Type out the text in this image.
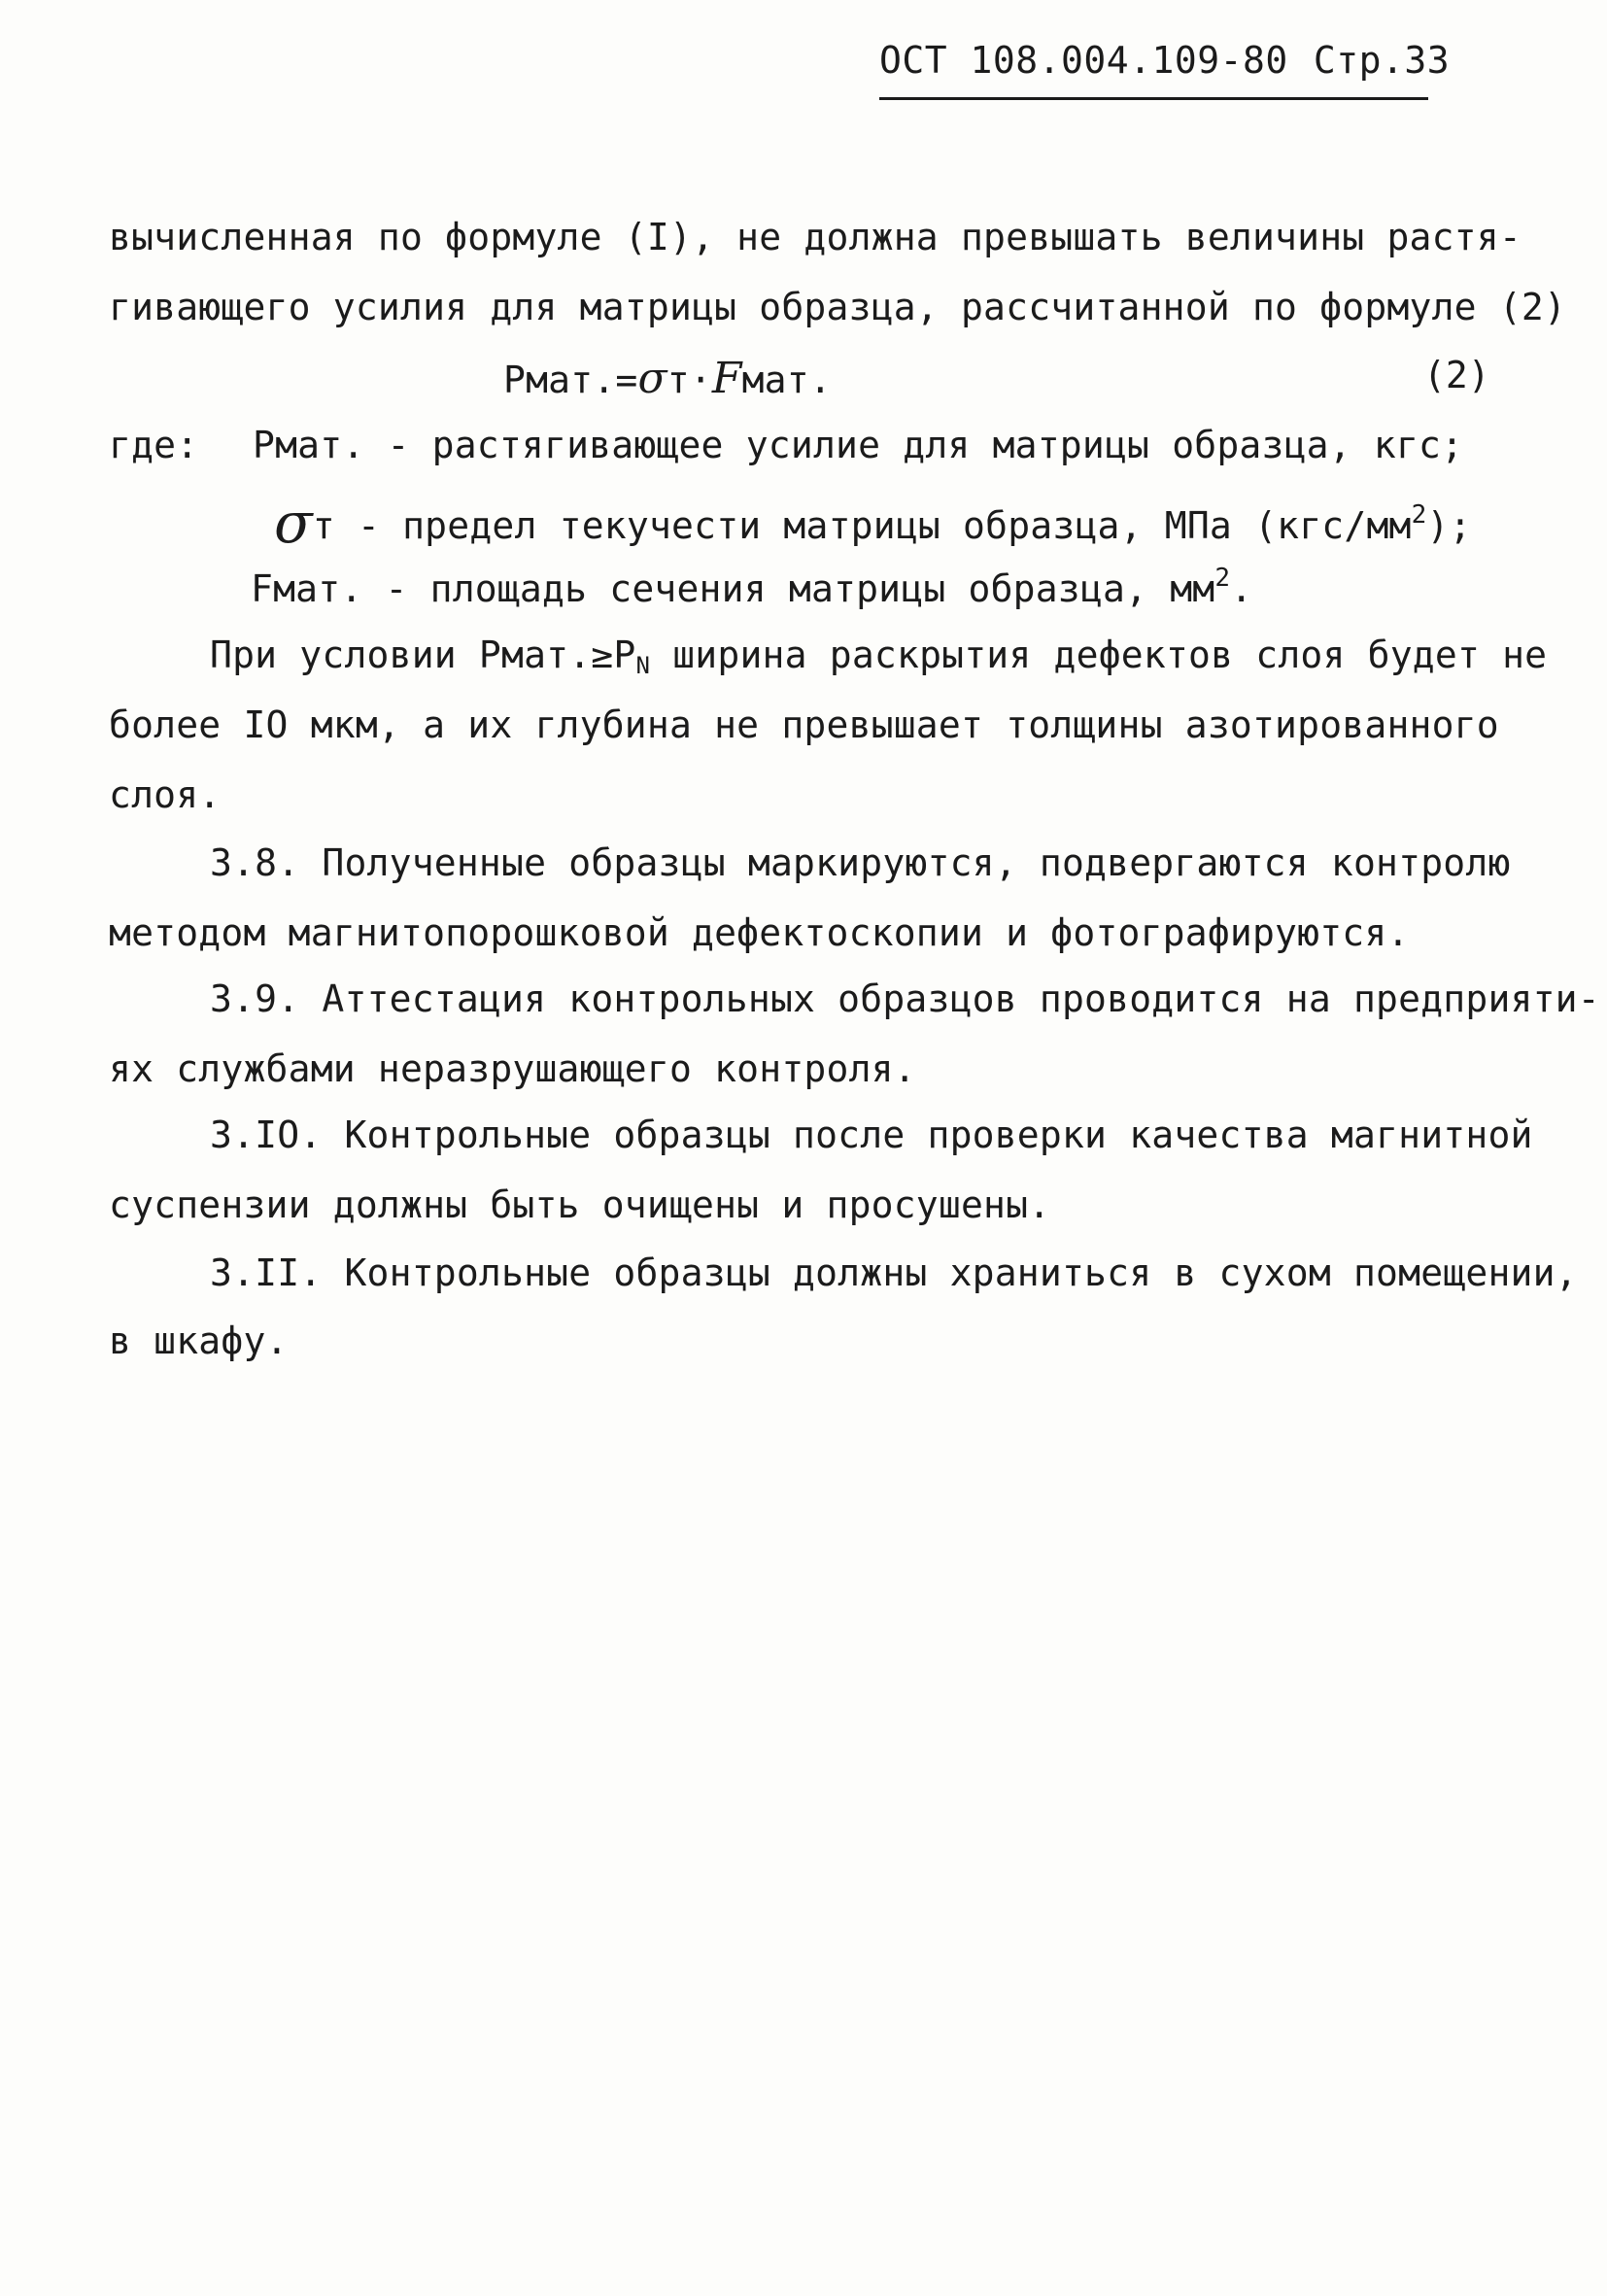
ОСТ 108.004.109-80 Стр.33
вычисленная по формуле (I), не должна превышать величины растя-
гивающего усилия для матрицы образца, рассчитанной по формуле (2)
Рмат.=σт·Fмат.	(2)
где: Рмат. - растягивающее усилие для матрицы образца, кгс;
σт - предел текучести матрицы образца, МПа $(кгс/мм^2)$;
Fмат. - площадь сечения матрицы образца, $мм^2$.
При условии $Рмат.\ge Р_N$ ширина раскрытия дефектов слоя будет не
более IO мкм, а их глубина не превышает толщины азотированного
слоя.
3.8. Полученные образцы маркируются, подвергаются контролю
методом магнитопорошковой дефектоскопии и фотографируются.
3.9. Аттестация контрольных образцов проводится на предприяти-
ях службами неразрушающего контроля.
3.IO. Контрольные образцы после проверки качества магнитной
суспензии должны быть очищены и просушены.
3.II. Контрольные образцы должны храниться в сухом помещении,
в шкафу.
